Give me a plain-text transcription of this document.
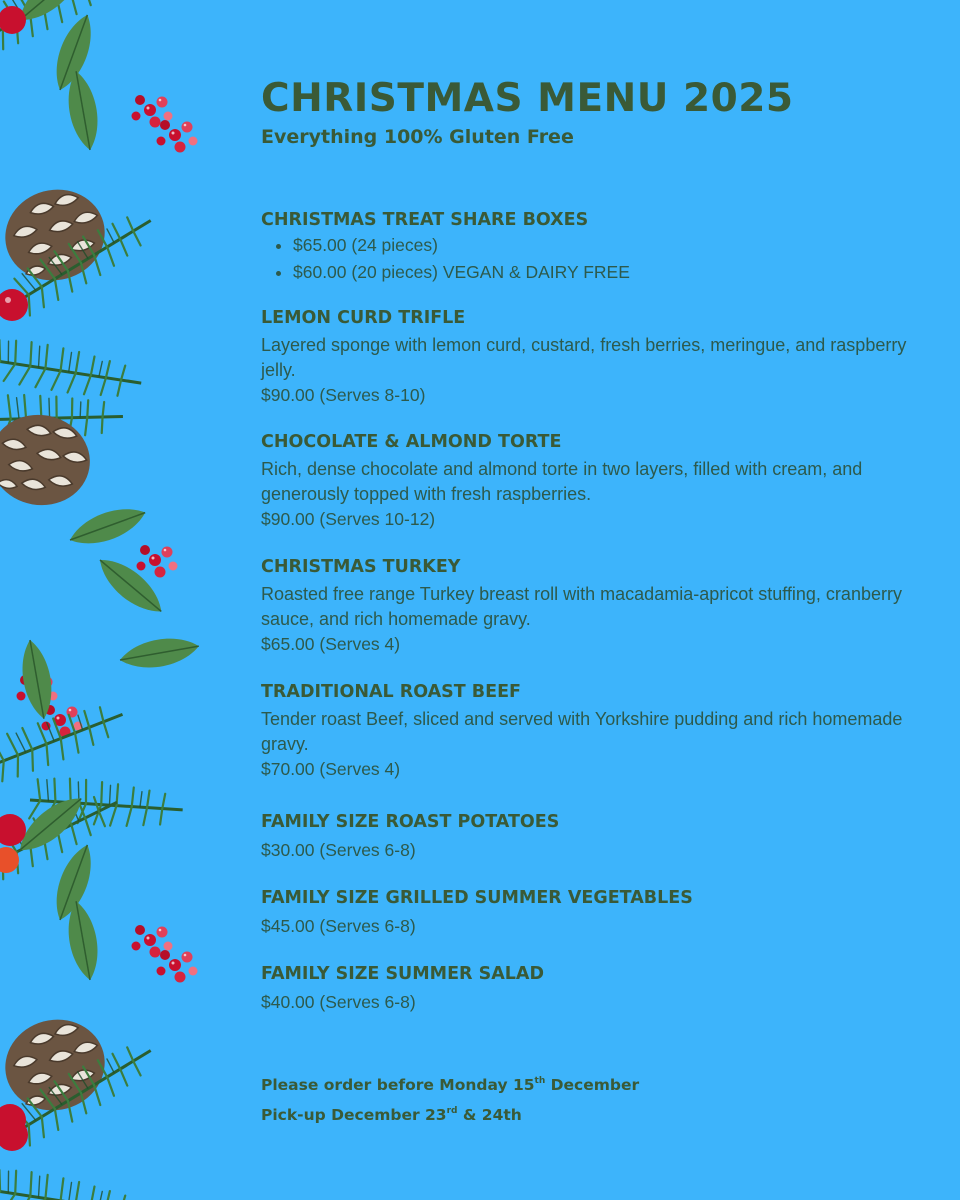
CHRISTMAS MENU 2025
Everything 100% Gluten Free
CHRISTMAS TREAT SHARE BOXES
• $65.00 (24 pieces)
• $60.00 (20 pieces) VEGAN & DAIRY FREE
LEMON CURD TRIFLE
Layered sponge with lemon curd, custard, fresh berries, meringue, and raspberry jelly.
$90.00 (Serves 8-10)
CHOCOLATE & ALMOND TORTE
Rich, dense chocolate and almond torte in two layers, filled with cream, and generously topped with fresh raspberries.
$90.00 (Serves 10-12)
CHRISTMAS TURKEY
Roasted free range Turkey breast roll with macadamia-apricot stuffing, cranberry sauce, and rich homemade gravy.
$65.00 (Serves 4)
TRADITIONAL ROAST BEEF
Tender roast Beef, sliced and served with Yorkshire pudding and rich homemade gravy.
$70.00 (Serves 4)
FAMILY SIZE ROAST POTATOES
$30.00 (Serves 6-8)
FAMILY SIZE GRILLED SUMMER VEGETABLES
$45.00 (Serves 6-8)
FAMILY SIZE SUMMER SALAD
$40.00 (Serves 6-8)
Please order before Monday 15th December
Pick-up December 23rd & 24th
